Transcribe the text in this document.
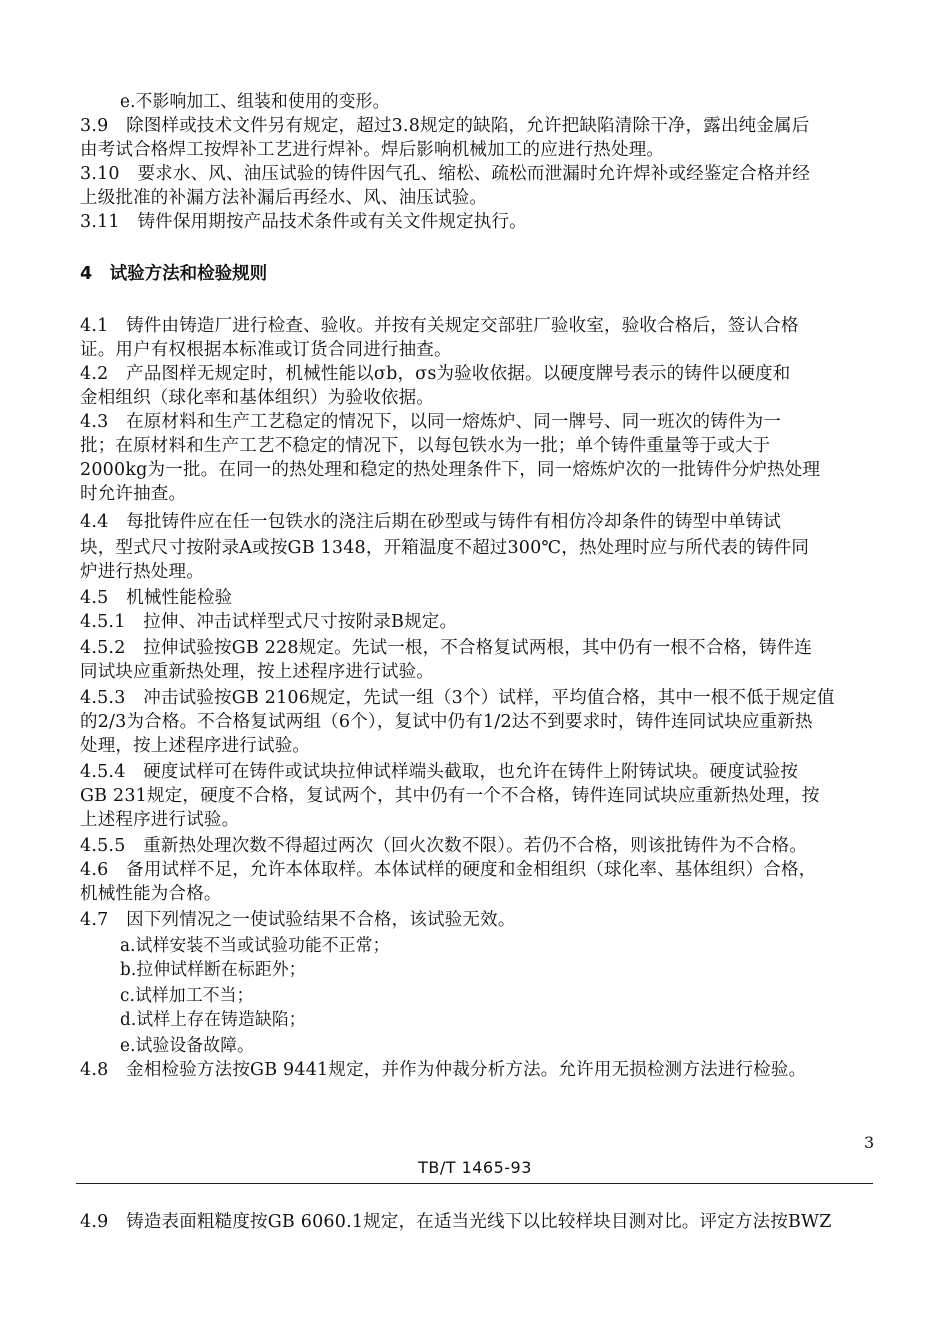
e.不影响加工、组装和使用的变形。
3.9　除图样或技术文件另有规定，超过3.8规定的缺陷，允许把缺陷清除干净，露出纯金属后
由考试合格焊工按焊补工艺进行焊补。焊后影响机械加工的应进行热处理。
3.10　要求水、风、油压试验的铸件因气孔、缩松、疏松而泄漏时允许焊补或经鉴定合格并经
上级批准的补漏方法补漏后再经水、风、油压试验。
3.11　铸件保用期按产品技术条件或有关文件规定执行。
4　试验方法和检验规则
4.1　铸件由铸造厂进行检查、验收。并按有关规定交部驻厂验收室，验收合格后，签认合格
证。用户有权根据本标准或订货合同进行抽查。
4.2　产品图样无规定时，机械性能以σb，σs为验收依据。以硬度牌号表示的铸件以硬度和
金相组织（球化率和基体组织）为验收依据。
4.3　在原材料和生产工艺稳定的情况下，以同一熔炼炉、同一牌号、同一班次的铸件为一
批；在原材料和生产工艺不稳定的情况下，以每包铁水为一批；单个铸件重量等于或大于
2000kg为一批。在同一的热处理和稳定的热处理条件下，同一熔炼炉次的一批铸件分炉热处理
时允许抽查。
4.4　每批铸件应在任一包铁水的浇注后期在砂型或与铸件有相仿冷却条件的铸型中单铸试
块，型式尺寸按附录A或按GB 1348，开箱温度不超过300℃，热处理时应与所代表的铸件同
炉进行热处理。
4.5　机械性能检验
4.5.1　拉伸、冲击试样型式尺寸按附录B规定。
4.5.2　拉伸试验按GB 228规定。先试一根，不合格复试两根，其中仍有一根不合格，铸件连
同试块应重新热处理，按上述程序进行试验。
4.5.3　冲击试验按GB 2106规定，先试一组（3个）试样，平均值合格，其中一根不低于规定值
的2/3为合格。不合格复试两组（6个），复试中仍有1/2达不到要求时，铸件连同试块应重新热
处理，按上述程序进行试验。
4.5.4　硬度试样可在铸件或试块拉伸试样端头截取，也允许在铸件上附铸试块。硬度试验按
GB 231规定，硬度不合格，复试两个，其中仍有一个不合格，铸件连同试块应重新热处理，按
上述程序进行试验。
4.5.5　重新热处理次数不得超过两次（回火次数不限）。若仍不合格，则该批铸件为不合格。
4.6　备用试样不足，允许本体取样。本体试样的硬度和金相组织（球化率、基体组织）合格，
机械性能为合格。
4.7　因下列情况之一使试验结果不合格，该试验无效。
a.试样安装不当或试验功能不正常；
b.拉伸试样断在标距外；
c.试样加工不当；
d.试样上存在铸造缺陷；
e.试验设备故障。
4.8　金相检验方法按GB 9441规定，并作为仲裁分析方法。允许用无损检测方法进行检验。
3
TB/T 1465-93
4.9　铸造表面粗糙度按GB 6060.1规定，在适当光线下以比较样块目测对比。评定方法按BWZ
